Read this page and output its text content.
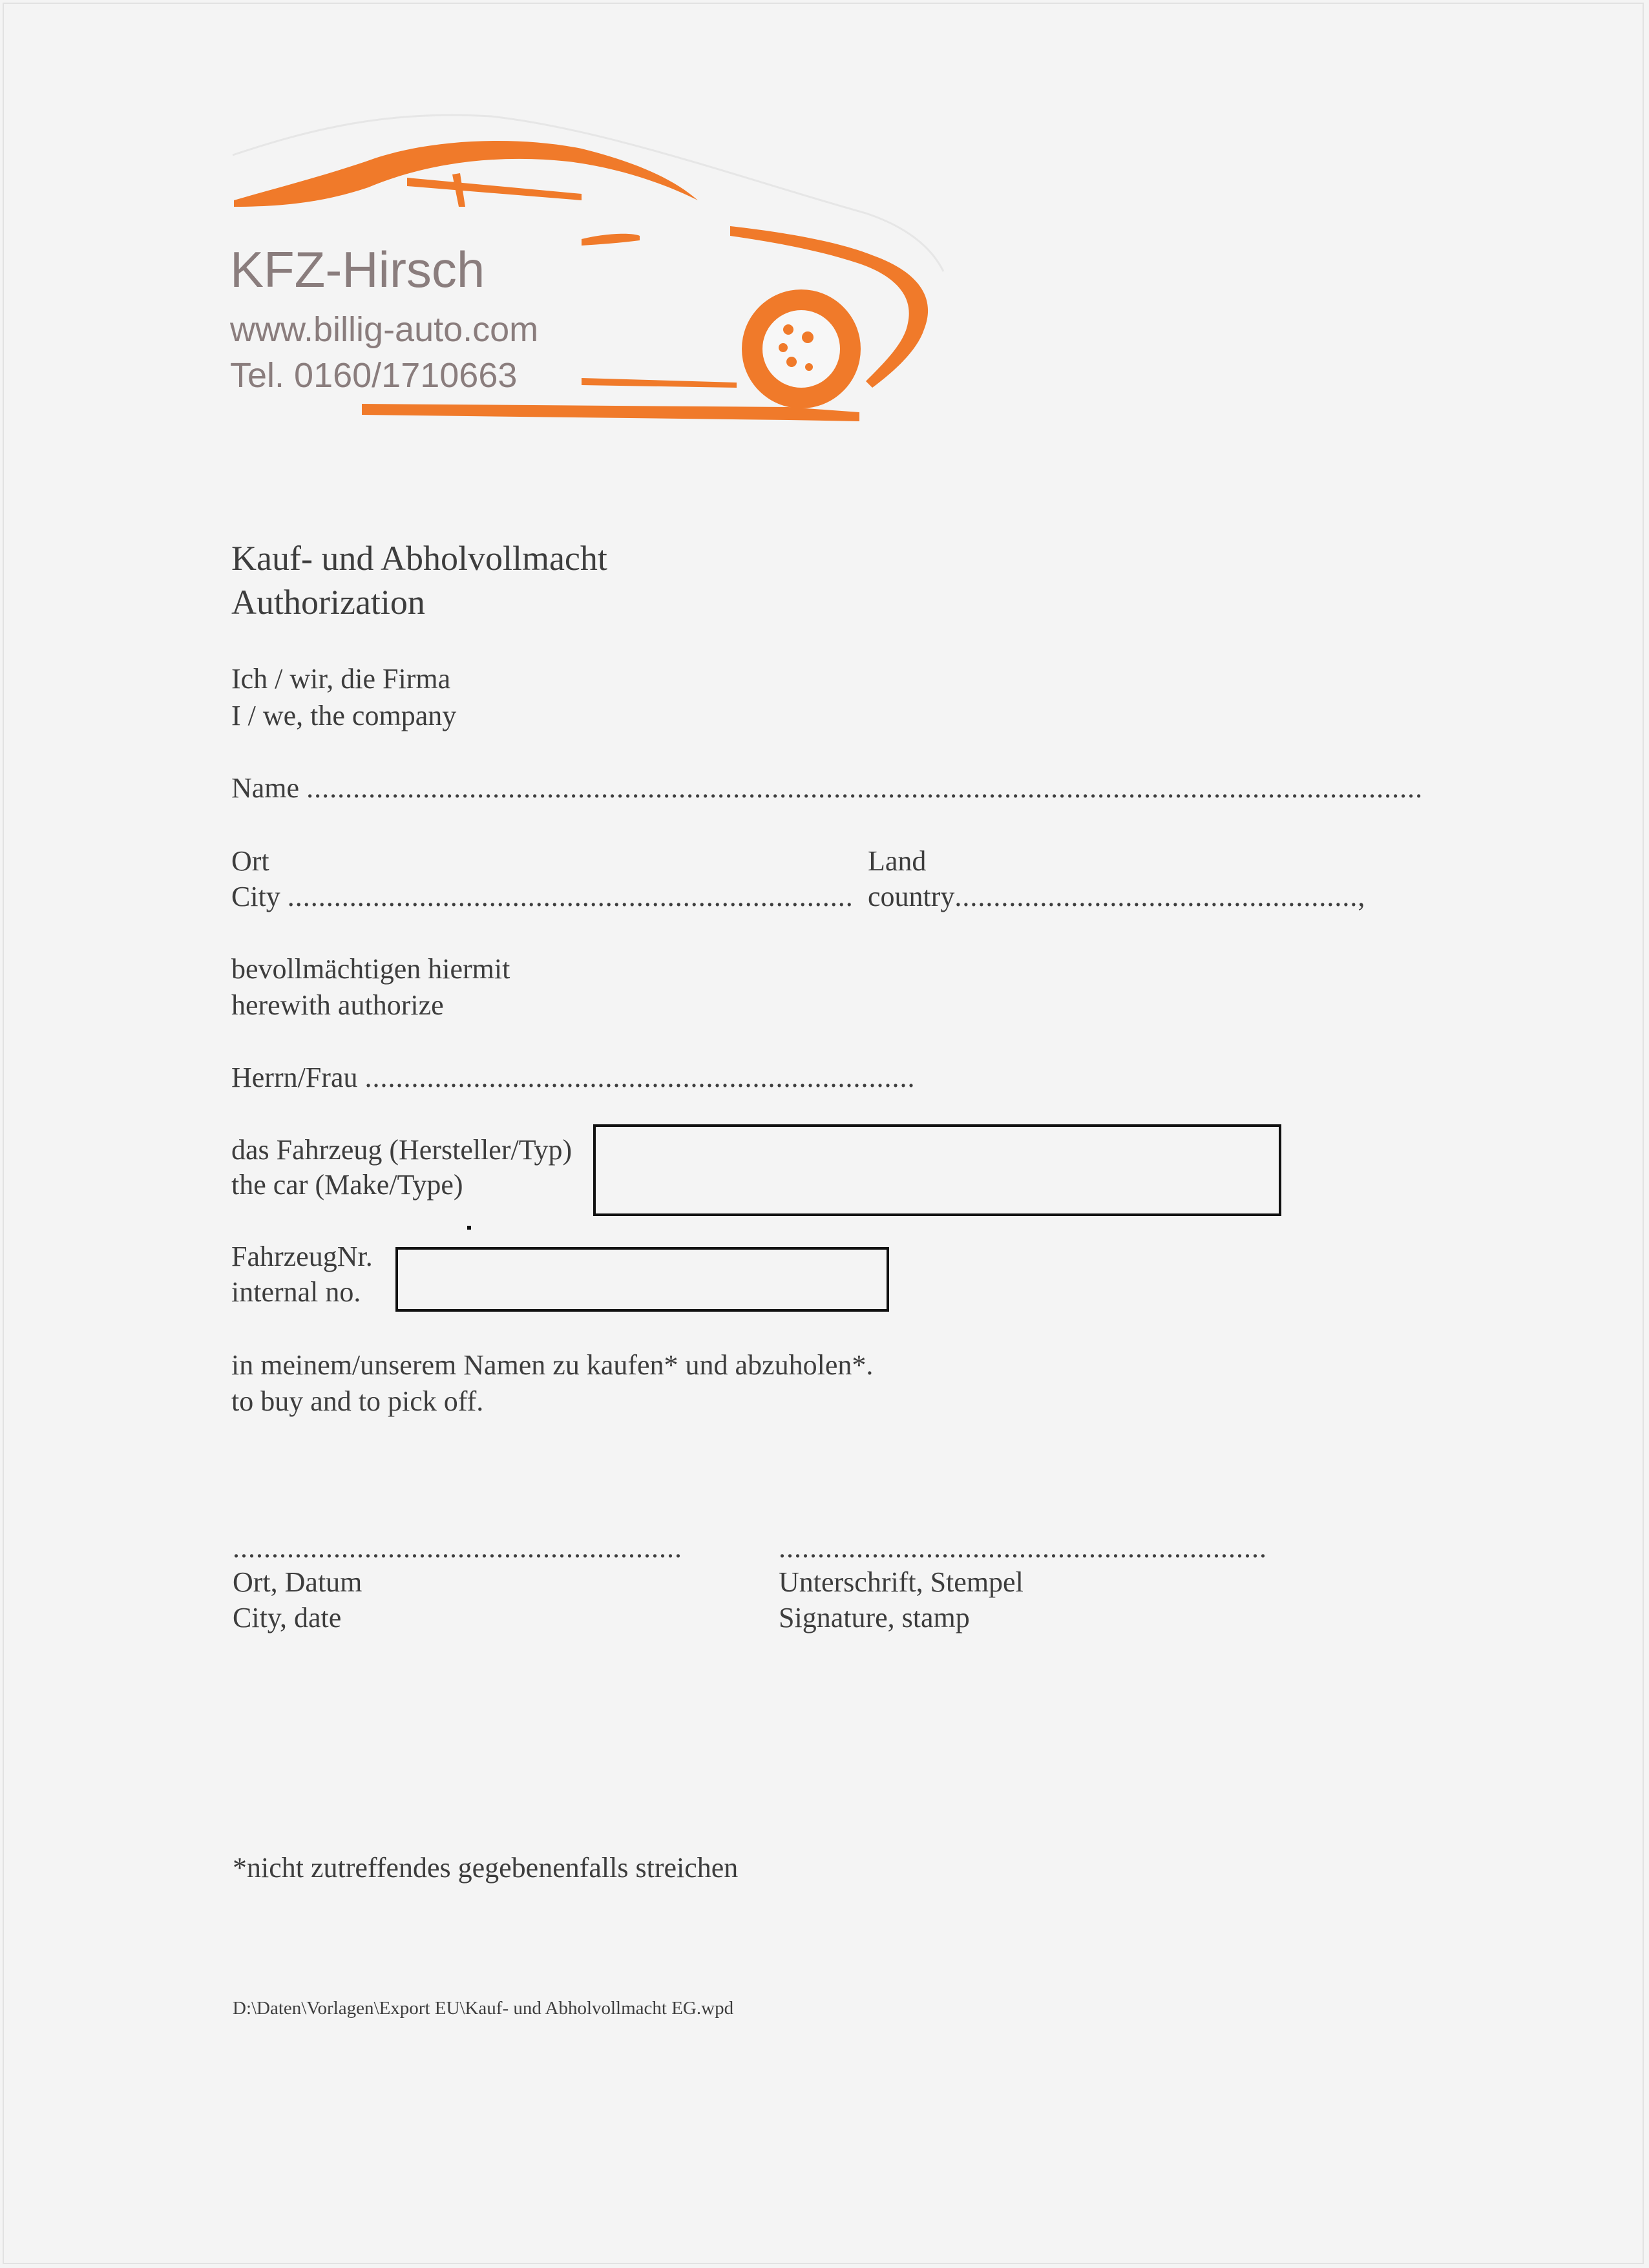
KFZ-Hirsch
www.billig-auto.com
Tel. 0160/1710663
Kauf- und Abholvollmacht
Authorization
Ich / wir, die Firma
I / we, the company
Name ................................................................................................................................................
Ort
City .........................................................................
Land
country....................................................,
bevollmächtigen hiermit
herewith authorize
Herrn/Frau .......................................................................
das Fahrzeug (Hersteller/Typ)
the car (Make/Type)
FahrzeugNr.
internal no.
in meinem/unserem Namen zu kaufen* und abzuholen*.
to buy and to pick off.
..........................................................
Ort, Datum
City, date
...............................................................
Unterschrift, Stempel
Signature, stamp
*nicht zutreffendes gegebenenfalls streichen
D:\Daten\Vorlagen\Export EU\Kauf- und Abholvollmacht EG.wpd
